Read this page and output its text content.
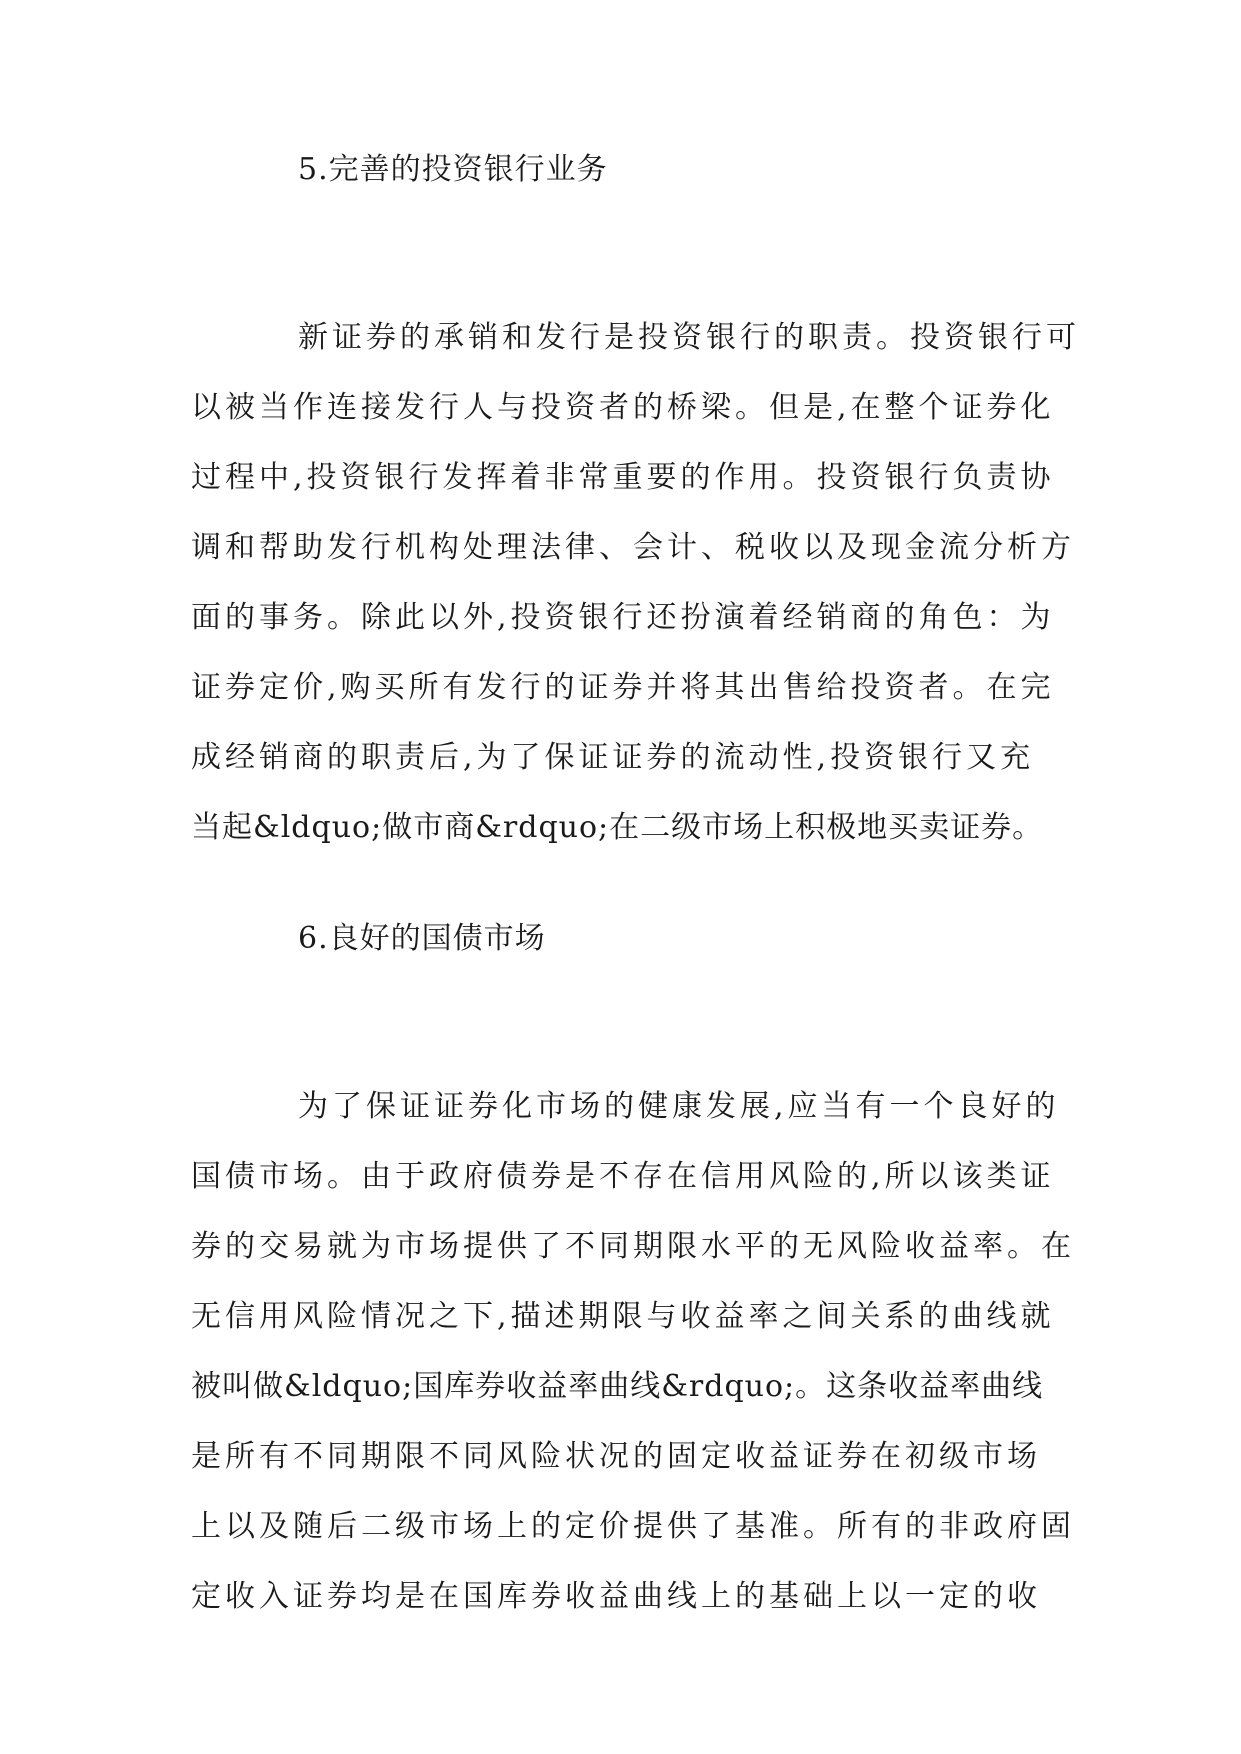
5.完善的投资银行业务
新证券的承销和发行是投资银行的职责。投资银行可
以被当作连接发行人与投资者的桥梁。但是,在整个证券化
过程中,投资银行发挥着非常重要的作用。投资银行负责协
调和帮助发行机构处理法律、会计、税收以及现金流分析方
面的事务。除此以外,投资银行还扮演着经销商的角色：为
证券定价,购买所有发行的证券并将其出售给投资者。在完
成经销商的职责后,为了保证证券的流动性,投资银行又充
当起&ldquo;做市商&rdquo;在二级市场上积极地买卖证券。
6.良好的国债市场
为了保证证券化市场的健康发展,应当有一个良好的
国债市场。由于政府债券是不存在信用风险的,所以该类证
券的交易就为市场提供了不同期限水平的无风险收益率。在
无信用风险情况之下,描述期限与收益率之间关系的曲线就
被叫做&ldquo;国库券收益率曲线&rdquo;。这条收益率曲线
是所有不同期限不同风险状况的固定收益证券在初级市场
上以及随后二级市场上的定价提供了基准。所有的非政府固
定收入证券均是在国库券收益曲线上的基础上以一定的收
